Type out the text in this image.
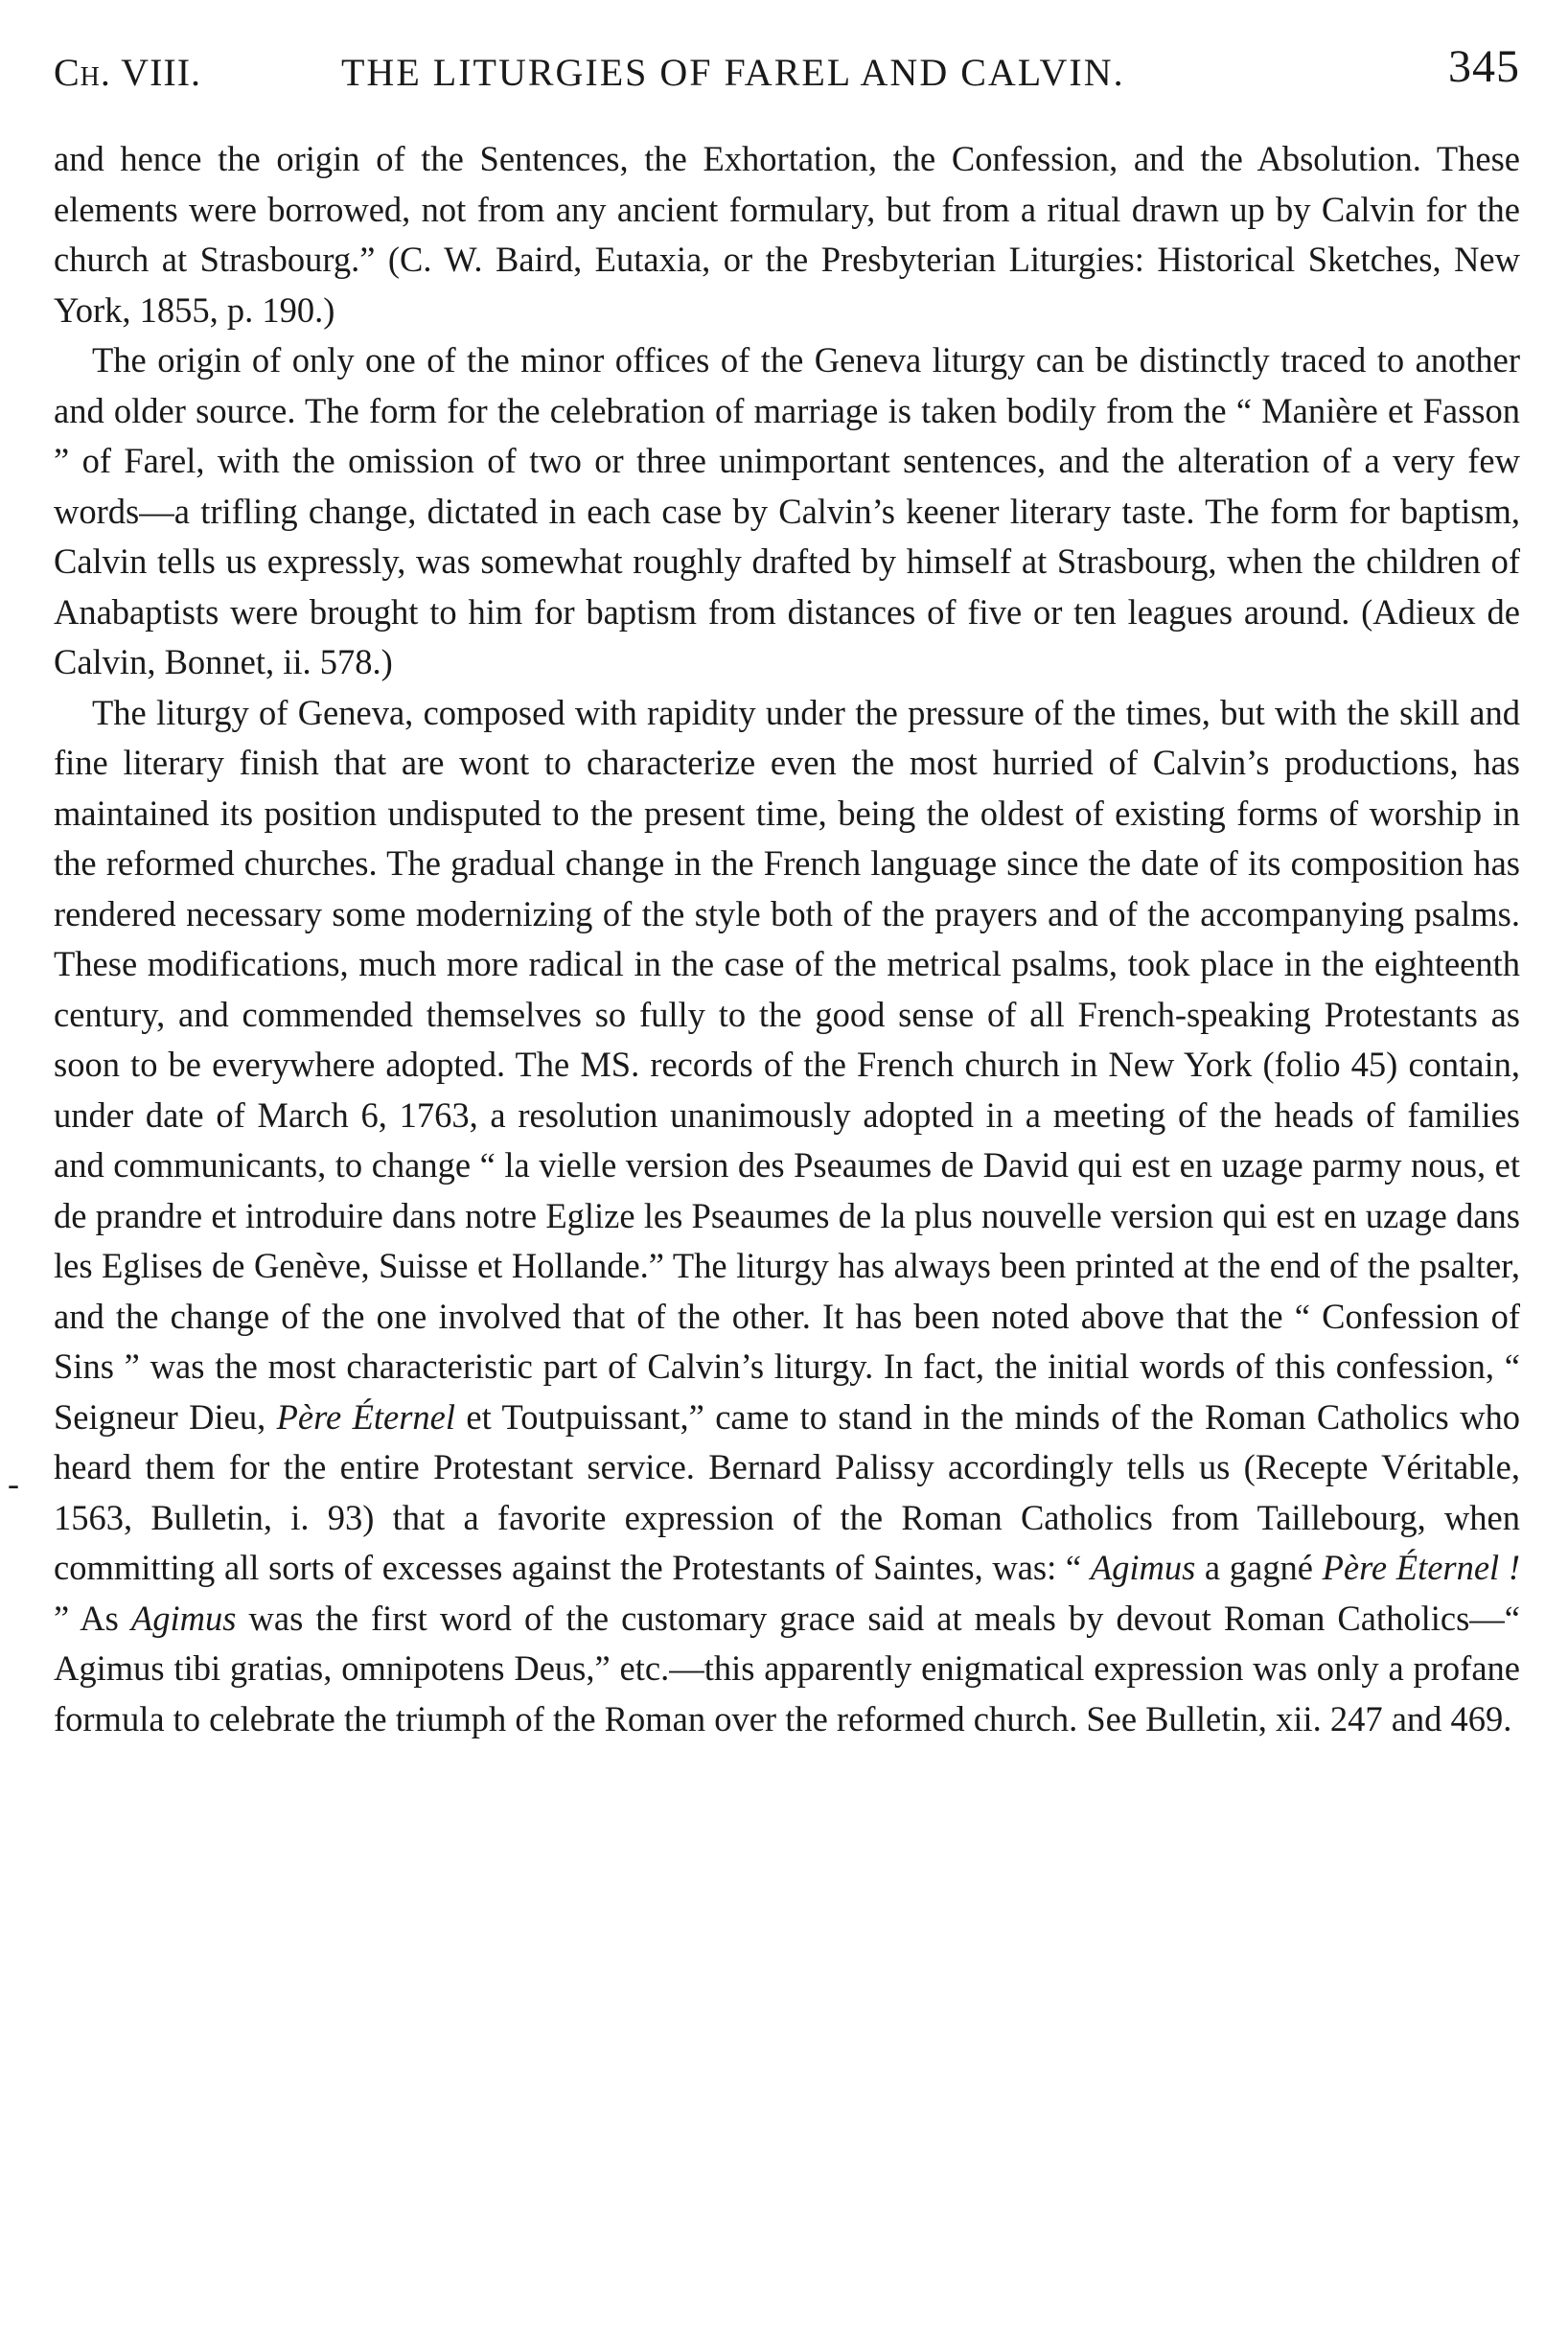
Ch. VIII.	THE LITURGIES OF FAREL AND CALVIN.	345
-

and hence the origin of the Sentences, the Exhortation, the Confession, and the Absolution. These elements were borrowed, not from any ancient formulary, but from a ritual drawn up by Calvin for the church at Strasbourg.” (C. W. Baird, Eutaxia, or the Presbyterian Liturgies: Historical Sketches, New York, 1855, p. 190.)

The origin of only one of the minor offices of the Geneva liturgy can be distinctly traced to another and older source. The form for the celebration of marriage is taken bodily from the “ Manière et Fasson ” of Farel, with the omission of two or three unimportant sentences, and the alteration of a very few words—a trifling change, dictated in each case by Calvin’s keener literary taste. The form for baptism, Calvin tells us expressly, was somewhat roughly drafted by himself at Strasbourg, when the children of Anabaptists were brought to him for baptism from distances of five or ten leagues around. (Adieux de Calvin, Bonnet, ii. 578.)

The liturgy of Geneva, composed with rapidity under the pressure of the times, but with the skill and fine literary finish that are wont to characterize even the most hurried of Calvin’s productions, has maintained its position undisputed to the present time, being the oldest of existing forms of worship in the reformed churches. The gradual change in the French language since the date of its composition has rendered necessary some modernizing of the style both of the prayers and of the accompanying psalms. These modifications, much more radical in the case of the metrical psalms, took place in the eighteenth century, and commended themselves so fully to the good sense of all French-speaking Protestants as soon to be everywhere adopted. The MS. records of the French church in New York (folio 45) contain, under date of March 6, 1763, a resolution unanimously adopted in a meeting of the heads of families and communicants, to change “ la vielle version des Pseaumes de David qui est en uzage parmy nous, et de prandre et introduire dans notre Eglize les Pseaumes de la plus nouvelle version qui est en uzage dans les Eglises de Genève, Suisse et Hollande.” The liturgy has always been printed at the end of the psalter, and the change of the one involved that of the other. It has been noted above that the “ Confession of Sins ” was the most characteristic part of Calvin’s liturgy. In fact, the initial words of this confession, “ Seigneur Dieu, Père Éternel et Toutpuissant,” came to stand in the minds of the Roman Catholics who heard them for the entire Protestant service. Bernard Palissy accordingly tells us (Recepte Véritable, 1563, Bulletin, i. 93) that a favorite expression of the Roman Catholics from Taillebourg, when committing all sorts of excesses against the Protestants of Saintes, was: “ Agimus a gagné Père Éternel ! ” As Agimus was the first word of the customary grace said at meals by devout Roman Catholics—“ Agimus tibi gratias, omnipotens Deus,” etc.—this apparently enigmatical expression was only a profane formula to celebrate the triumph of the Roman over the reformed church. See Bulletin, xii. 247 and 469.
